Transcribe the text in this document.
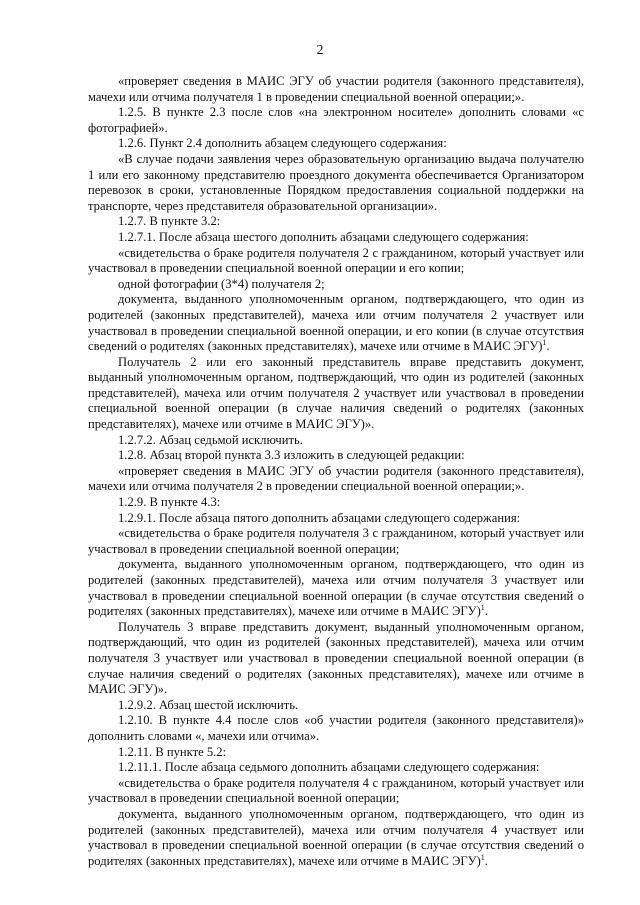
2

«проверяет сведения в МАИС ЭГУ об участии родителя (законного представителя), мачехи или отчима получателя 1 в проведении специальной военной операции;».

1.2.5. В пункте 2.3 после слов «на электронном носителе» дополнить словами «с фотографией».

1.2.6. Пункт 2.4 дополнить абзацем следующего содержания:

«В случае подачи заявления через образовательную организацию выдача получателю 1 или его законному представителю проездного документа обеспечивается Организатором перевозок в сроки, установленные Порядком предоставления социальной поддержки на транспорте, через представителя образовательной организации».

1.2.7. В пункте 3.2:

1.2.7.1. После абзаца шестого дополнить абзацами следующего содержания:

«свидетельства о браке родителя получателя 2 с гражданином, который участвует или участвовал в проведении специальной военной операции и его копии;

одной фотографии (3*4) получателя 2;

документа, выданного уполномоченным органом, подтверждающего, что один из родителей (законных представителей), мачеха или отчим получателя 2 участвует или участвовал в проведении специальной военной операции, и его копии (в случае отсутствия сведений о родителях (законных представителях), мачехе или отчиме в МАИС ЭГУ)$^1$.

Получатель 2 или его законный представитель вправе представить документ, выданный уполномоченным органом, подтверждающий, что один из родителей (законных представителей), мачеха или отчим получателя 2 участвует или участвовал в проведении специальной военной операции (в случае наличия сведений о родителях (законных представителях), мачехе или отчиме в МАИС ЭГУ)».

1.2.7.2. Абзац седьмой исключить.

1.2.8. Абзац второй пункта 3.3 изложить в следующей редакции:

«проверяет сведения в МАИС ЭГУ об участии родителя (законного представителя), мачехи или отчима получателя 2 в проведении специальной военной операции;».

1.2.9. В пункте 4.3:

1.2.9.1. После абзаца пятого дополнить абзацами следующего содержания:

«свидетельства о браке родителя получателя 3 с гражданином, который участвует или участвовал в проведении специальной военной операции;

документа, выданного уполномоченным органом, подтверждающего, что один из родителей (законных представителей), мачеха или отчим получателя 3 участвует или участвовал в проведении специальной военной операции (в случае отсутствия сведений о родителях (законных представителях), мачехе или отчиме в МАИС ЭГУ)$^1$.

Получатель 3 вправе представить документ, выданный уполномоченным органом, подтверждающий, что один из родителей (законных представителей), мачеха или отчим получателя 3 участвует или участвовал в проведении специальной военной операции (в случае наличия сведений о родителях (законных представителях), мачехе или отчиме в МАИС ЭГУ)».

1.2.9.2. Абзац шестой исключить.

1.2.10. В пункте 4.4 после слов «об участии родителя (законного представителя)» дополнить словами «, мачехи или отчима».

1.2.11. В пункте 5.2:

1.2.11.1. После абзаца седьмого дополнить абзацами следующего содержания:

«свидетельства о браке родителя получателя 4 с гражданином, который участвует или участвовал в проведении специальной военной операции;

документа, выданного уполномоченным органом, подтверждающего, что один из родителей (законных представителей), мачеха или отчим получателя 4 участвует или участвовал в проведении специальной военной операции (в случае отсутствия сведений о родителях (законных представителях), мачехе или отчиме в МАИС ЭГУ)$^1$.
